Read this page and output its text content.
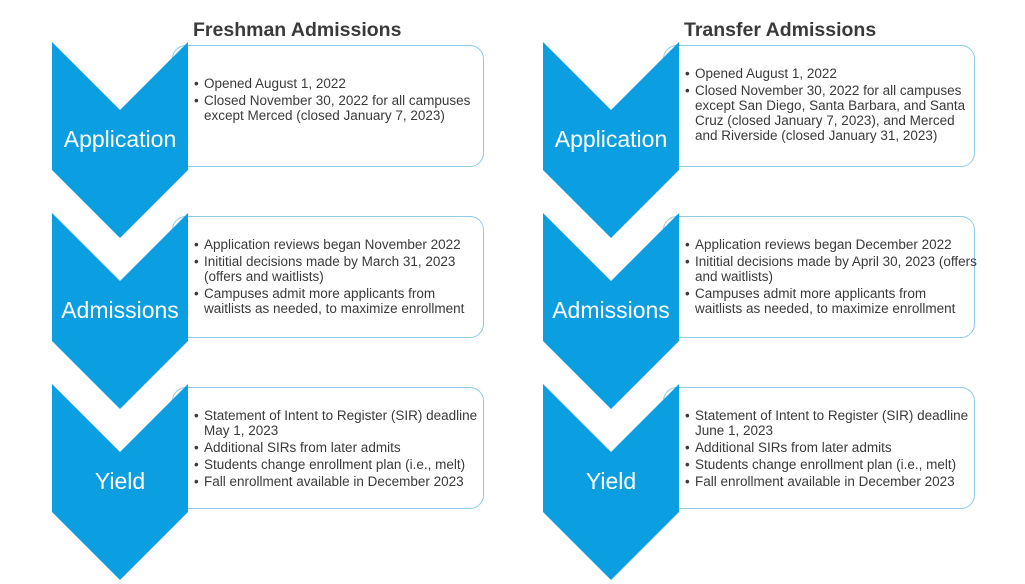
Freshman Admissions
Application
• Opened August 1, 2022
• Closed November 30, 2022 for all campuses except Merced (closed January 7, 2023)
Admissions
• Application reviews began November 2022
• Inititial decisions made by March 31, 2023 (offers and waitlists)
• Campuses admit more applicants from waitlists as needed, to maximize enrollment
Yield
• Statement of Intent to Register (SIR) deadline May 1, 2023
• Additional SIRs from later admits
• Students change enrollment plan (i.e., melt)
• Fall enrollment available in December 2023
Transfer Admissions
Application
• Opened August 1, 2022
• Closed November 30, 2022 for all campuses except San Diego, Santa Barbara, and Santa Cruz (closed January 7, 2023), and Merced and Riverside (closed January 31, 2023)
Admissions
• Application reviews began December 2022
• Inititial decisions made by April 30, 2023 (offers and waitlists)
• Campuses admit more applicants from waitlists as needed, to maximize enrollment
Yield
• Statement of Intent to Register (SIR) deadline June 1, 2023
• Additional SIRs from later admits
• Students change enrollment plan (i.e., melt)
• Fall enrollment available in December 2023
